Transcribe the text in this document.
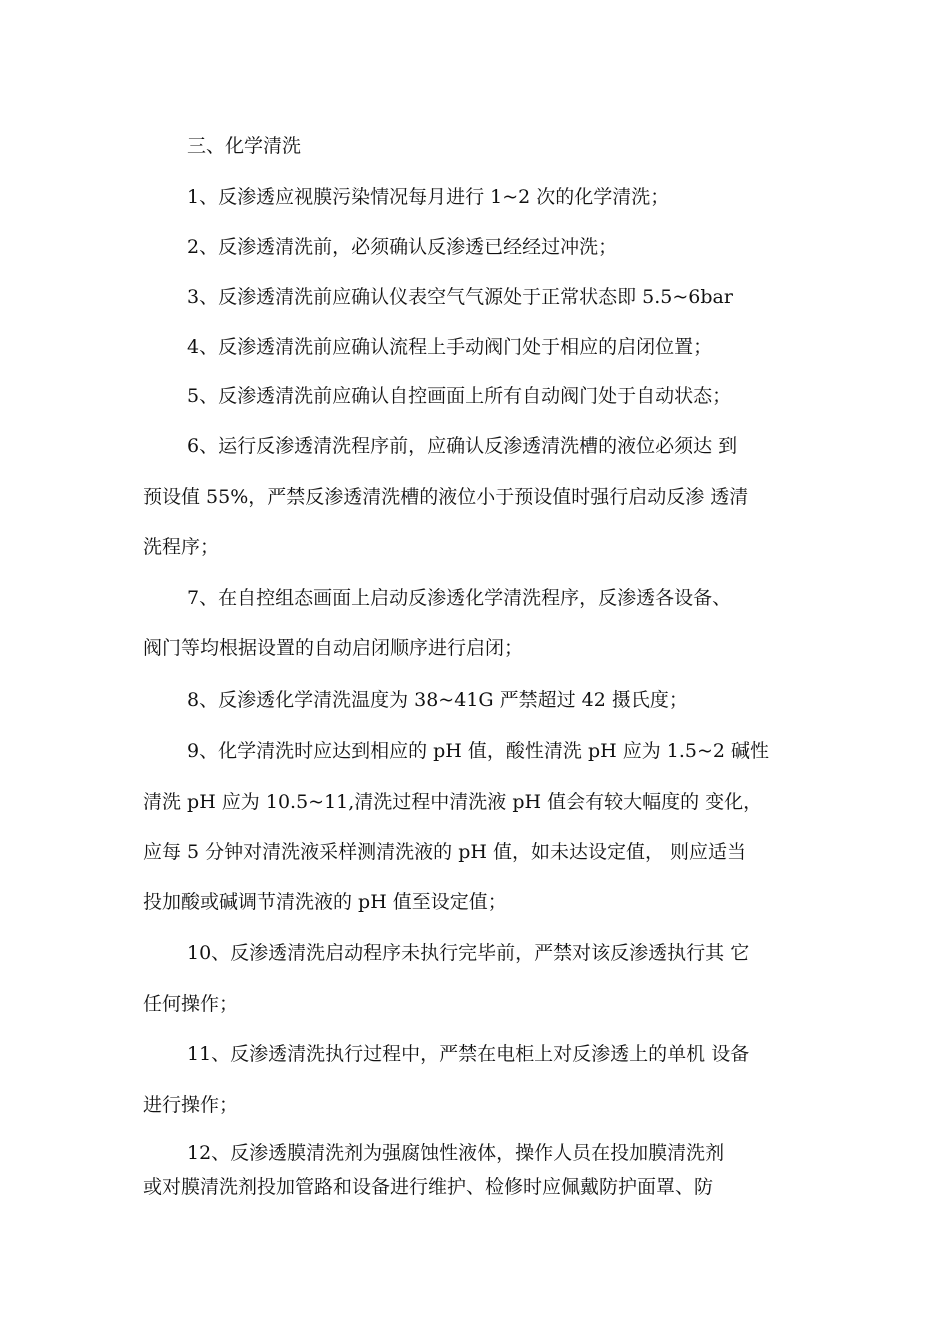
三、化学清洗
1、反渗透应视膜污染情况每月进行 1~2 次的化学清洗；
2、反渗透清洗前，必须确认反渗透已经经过冲洗；
3、反渗透清洗前应确认仪表空气气源处于正常状态即 5.5~6bar
4、反渗透清洗前应确认流程上手动阀门处于相应的启闭位置；
5、反渗透清洗前应确认自控画面上所有自动阀门处于自动状态；
6、运行反渗透清洗程序前，应确认反渗透清洗槽的液位必须达 到
预设值 55%，严禁反渗透清洗槽的液位小于预设值时强行启动反渗 透清
洗程序；
7、在自控组态画面上启动反渗透化学清洗程序，反渗透各设备、
阀门等均根据设置的自动启闭顺序进行启闭；
8、反渗透化学清洗温度为 38~41G 严禁超过 42 摄氏度；
9、化学清洗时应达到相应的 pH 值，酸性清洗 pH 应为 1.5~2 碱性
清洗 pH 应为 10.5~11,清洗过程中清洗液 pH 值会有较大幅度的 变化，
应每 5 分钟对清洗液采样测清洗液的 pH 值，如未达设定值， 则应适当
投加酸或碱调节清洗液的 pH 值至设定值；
10、反渗透清洗启动程序未执行完毕前，严禁对该反渗透执行其 它
任何操作；
11、反渗透清洗执行过程中，严禁在电柜上对反渗透上的单机 设备
进行操作；
12、反渗透膜清洗剂为强腐蚀性液体，操作人员在投加膜清洗剂
或对膜清洗剂投加管路和设备进行维护、检修时应佩戴防护面罩、防
